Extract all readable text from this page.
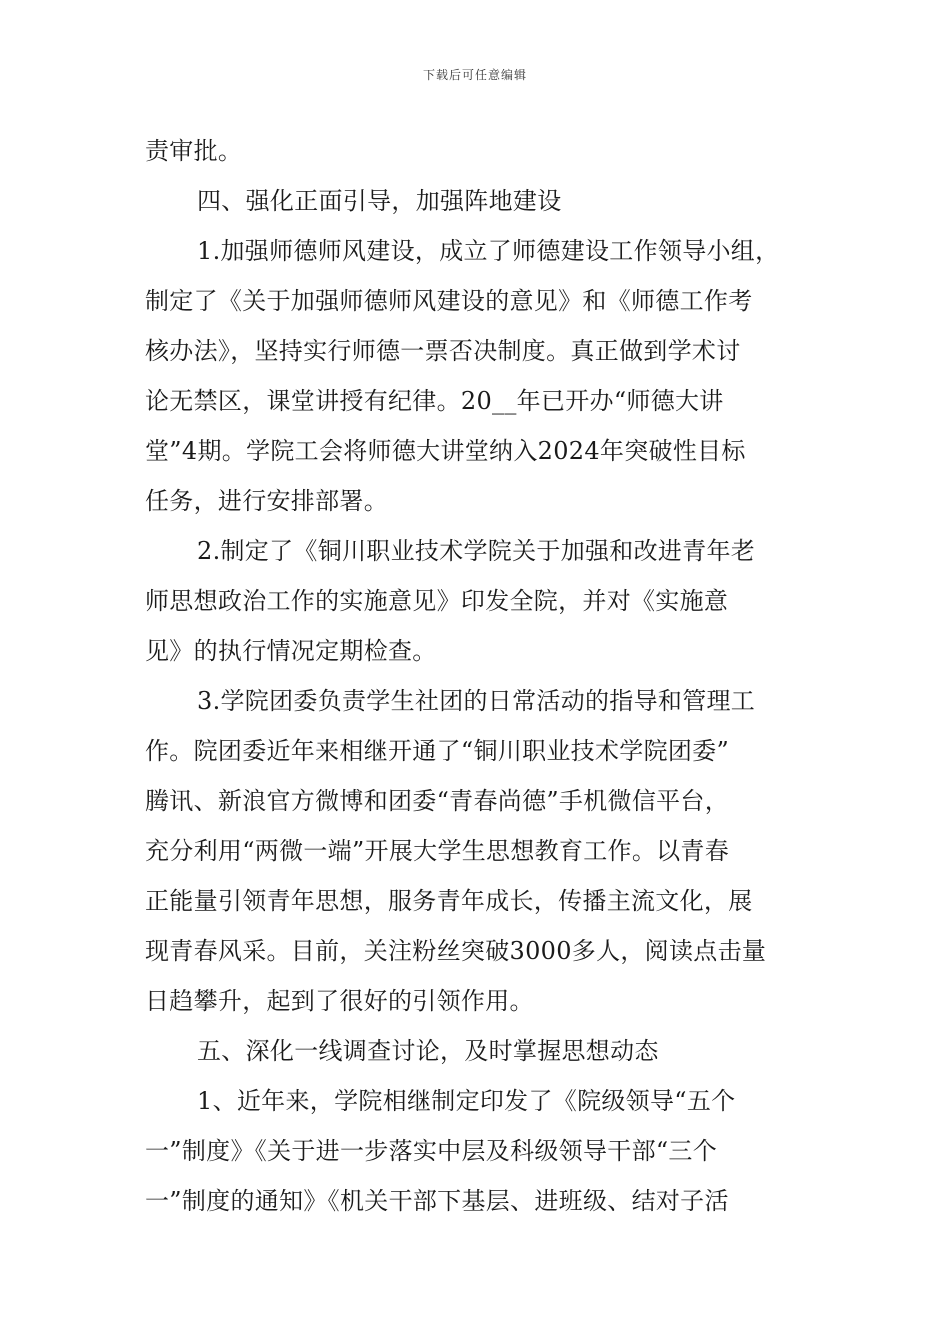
下载后可任意编辑
责审批。
四、强化正面引导，加强阵地建设
1.加强师德师风建设，成立了师德建设工作领导小组，
制定了《关于加强师德师风建设的意见》和《师德工作考
核办法》，坚持实行师德一票否决制度。真正做到学术讨
论无禁区，课堂讲授有纪律。20__年已开办“师德大讲
堂”4期。学院工会将师德大讲堂纳入2024年突破性目标
任务，进行安排部署。
2.制定了《铜川职业技术学院关于加强和改进青年老
师思想政治工作的实施意见》印发全院，并对《实施意
见》的执行情况定期检查。
3.学院团委负责学生社团的日常活动的指导和管理工
作。院团委近年来相继开通了“铜川职业技术学院团委”
腾讯、新浪官方微博和团委“青春尚德”手机微信平台，
充分利用“两微一端”开展大学生思想教育工作。以青春
正能量引领青年思想，服务青年成长，传播主流文化，展
现青春风采。目前，关注粉丝突破3000多人，阅读点击量
日趋攀升，起到了很好的引领作用。
五、深化一线调查讨论，及时掌握思想动态
1、近年来，学院相继制定印发了《院级领导“五个
一”制度》《关于进一步落实中层及科级领导干部“三个
一”制度的通知》《机关干部下基层、进班级、结对子活
